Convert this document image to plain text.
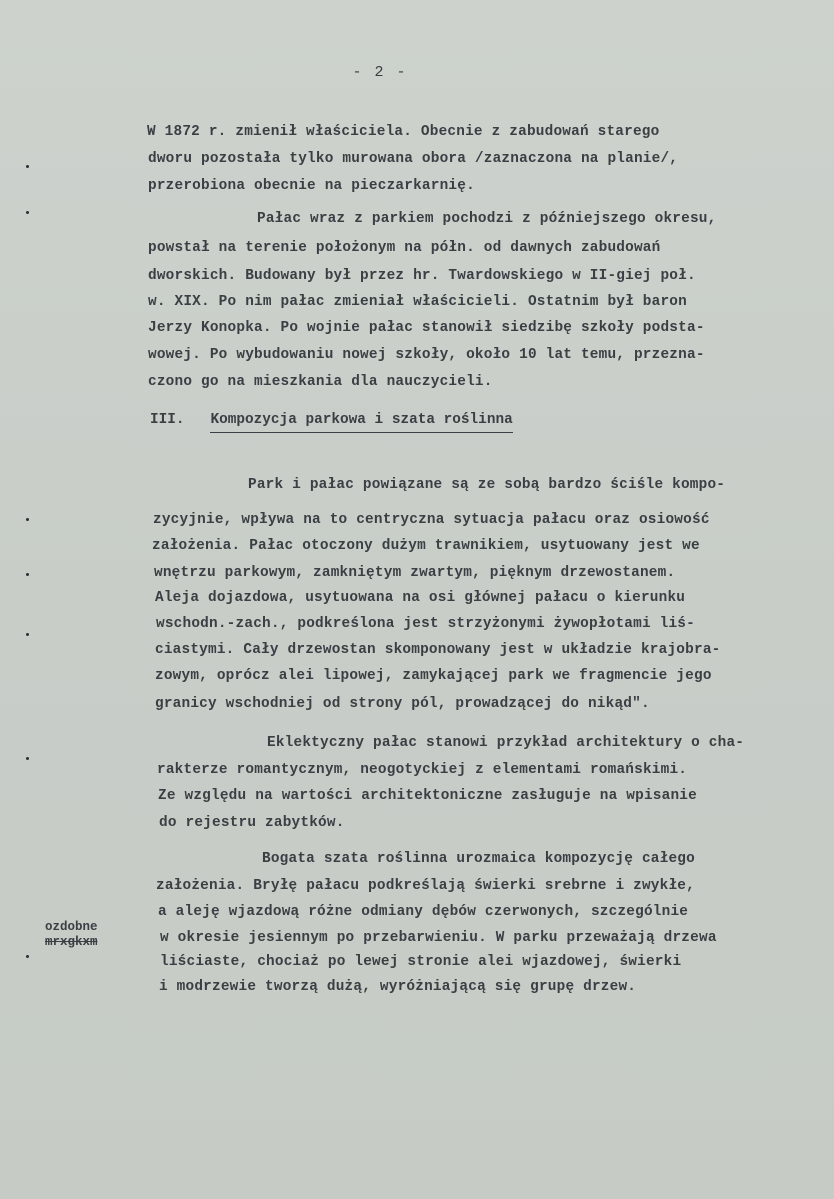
- 2 -
W 1872 r. zmienił właściciela. Obecnie z zabudowań starego
dworu pozostała tylko murowana obora /zaznaczona na planie/,
przerobiona obecnie na pieczarkarnię.
Pałac wraz z parkiem pochodzi z późniejszego okresu,
powstał na terenie położonym na półn. od dawnych zabudowań
dworskich. Budowany był przez hr. Twardowskiego w II-giej poł.
w. XIX. Po nim pałac zmieniał właścicieli. Ostatnim był baron
Jerzy Konopka. Po wojnie pałac stanowił siedzibę szkoły podsta-
wowej. Po wybudowaniu nowej szkoły, około 10 lat temu, przezna-
czono go na mieszkania dla nauczycieli.
III. Kompozycja parkowa i szata roślinna
Park i pałac powiązane są ze sobą bardzo ściśle kompo-
zycyjnie, wpływa na to centryczna sytuacja pałacu oraz osiowość
założenia. Pałac otoczony dużym trawnikiem, usytuowany jest we
wnętrzu parkowym, zamkniętym zwartym, pięknym drzewostanem.
Aleja dojazdowa, usytuowana na osi głównej pałacu o kierunku
wschodn.-zach., podkreślona jest strzyżonymi żywopłotami liś-
ciastymi. Cały drzewostan skomponowany jest w układzie krajobra-
zowym, oprócz alei lipowej, zamykającej park we fragmencie jego
granicy wschodniej od strony pól, prowadzącej do nikąd".
Eklektyczny pałac stanowi przykład architektury o cha-
rakterze romantycznym, neogotyckiej z elementami romańskimi.
Ze względu na wartości architektoniczne zasługuje na wpisanie
do rejestru zabytków.
Bogata szata roślinna urozmaica kompozycję całego
założenia. Bryłę pałacu podkreślają świerki srebrne i zwykłe,
a aleję wjazdową różne odmiany dębów czerwonych, szczególnie
w okresie jesiennym po przebarwieniu. W parku przeważają drzewa
liściaste, chociaż po lewej stronie alei wjazdowej, świerki
i modrzewie tworzą dużą, wyróżniającą się grupę drzew.
ozdobne
mrxgkxm
